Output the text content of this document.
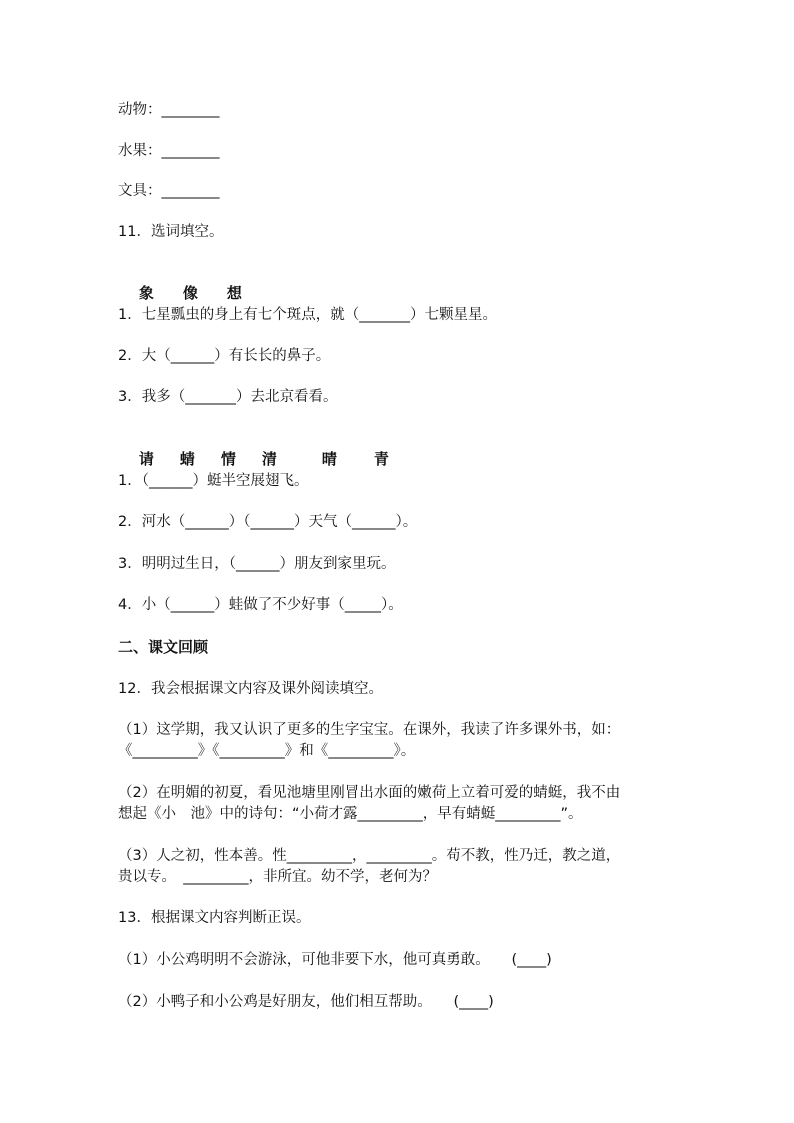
动物：________
水果：________
文具：________
11．选词填空。

象 像 想

1．七星瓢虫的身上有七个斑点，就（_______）七颗星星。
2．大（______）有长长的鼻子。
3．我多（_______）去北京看看。

请 蜻 情 清	晴 青

1．（______）蜓半空展翅飞。
2．河水（______）（______）天气（______）。
3．明明过生日，（______）朋友到家里玩。
4．小（______）蛙做了不少好事（_____）。
二、课文回顾
12．我会根据课文内容及课外阅读填空。
（1）这学期，我又认识了更多的生字宝宝。在课外，我读了许多课外书，如：
《_________》《_________》和《_________》。
（2）在明媚的初夏，看见池塘里刚冒出水面的嫩荷上立着可爱的蜻蜓，我不由
想起《小　池》中的诗句：“小荷才露_________，早有蜻蜓_________”。
（3）人之初，性本善。性_________，_________。苟不教，性乃迁，教之道，
贵以专。　_________，非所宜。幼不学，老何为？
13．根据课文内容判断正误。
（1）小公鸡明明不会游泳，可他非要下水，他可真勇敢。　　(____)
（2）小鸭子和小公鸡是好朋友，他们相互帮助。　　(____)
